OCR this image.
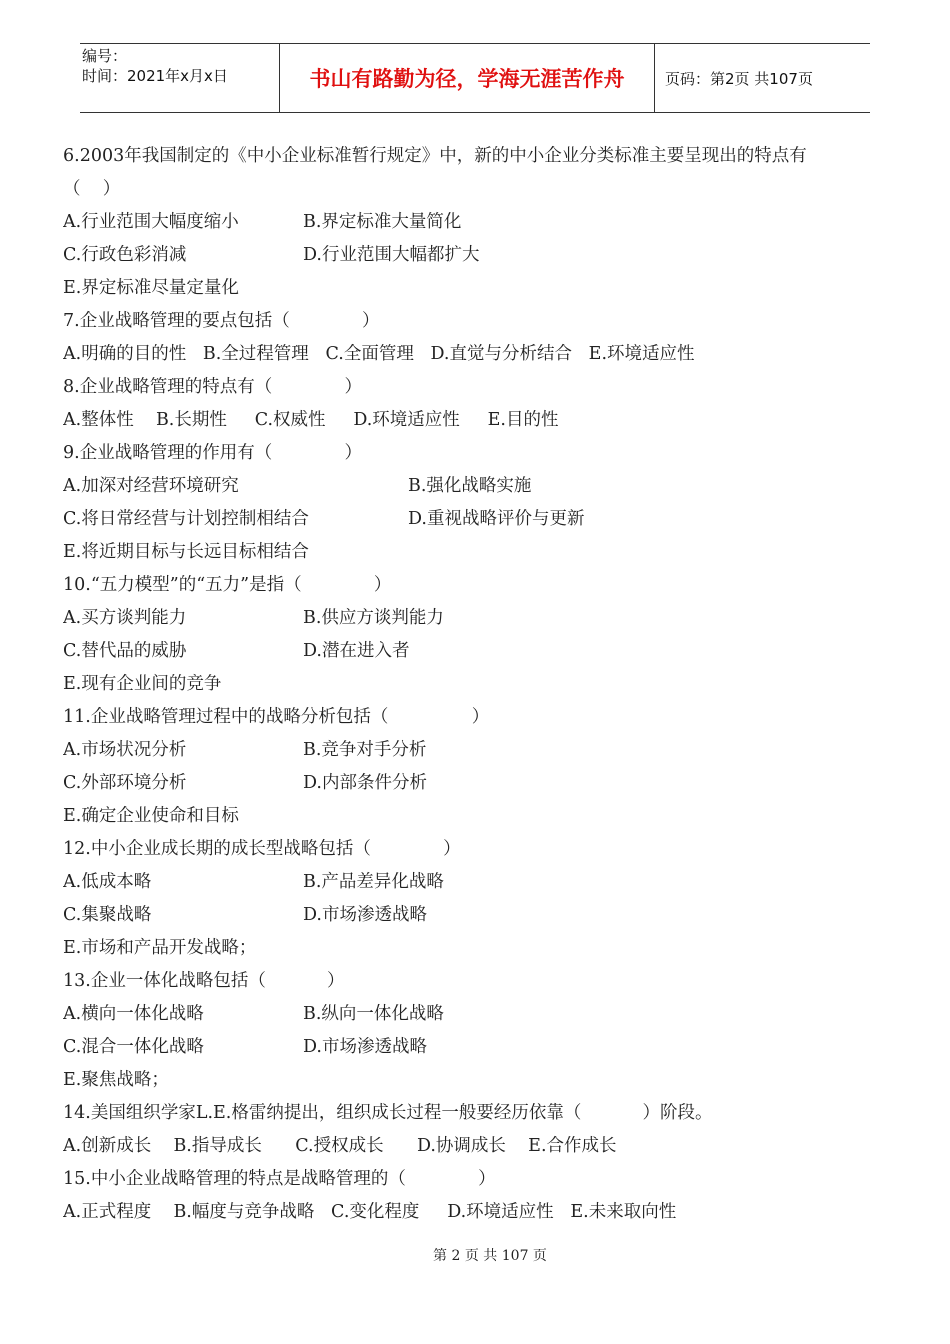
编号：
时间：2021年x月x日	书山有路勤为径，学海无涯苦作舟	页码：第2页 共107页
6.2003年我国制定的《中小企业标准暂行规定》中，新的中小企业分类标准主要呈现出的特点有
（    ）
A.行业范围大幅度缩小	B.界定标准大量简化
C.行政色彩消减	D.行业范围大幅都扩大
E.界定标准尽量定量化
7.企业战略管理的要点包括（             ）
A.明确的目的性   B.全过程管理   C.全面管理   D.直觉与分析结合   E.环境适应性
8.企业战略管理的特点有（             ）
A.整体性    B.长期性     C.权威性     D.环境适应性     E.目的性
9.企业战略管理的作用有（             ）
A.加深对经营环境研究	B.强化战略实施
C.将日常经营与计划控制相结合	D.重视战略评价与更新
E.将近期目标与长远目标相结合
10.“五力模型”的“五力”是指（             ）
A.买方谈判能力	B.供应方谈判能力
C.替代品的威胁	D.潜在进入者
E.现有企业间的竞争
11.企业战略管理过程中的战略分析包括（               ）
A.市场状况分析	B.竞争对手分析
C.外部环境分析	D.内部条件分析
E.确定企业使命和目标
12.中小企业成长期的成长型战略包括（             ）
A.低成本略	B.产品差异化战略
C.集聚战略	D.市场渗透战略
E.市场和产品开发战略；
13.企业一体化战略包括（           ）
A.横向一体化战略	B.纵向一体化战略
C.混合一体化战略	D.市场渗透战略
E.聚焦战略；
14.美国组织学家L.E.格雷纳提出，组织成长过程一般要经历依靠（           ）阶段。
A.创新成长    B.指导成长      C.授权成长      D.协调成长    E.合作成长
15.中小企业战略管理的特点是战略管理的（             ）
A.正式程度    B.幅度与竞争战略   C.变化程度     D.环境适应性   E.未来取向性
第 2 页 共 107 页
